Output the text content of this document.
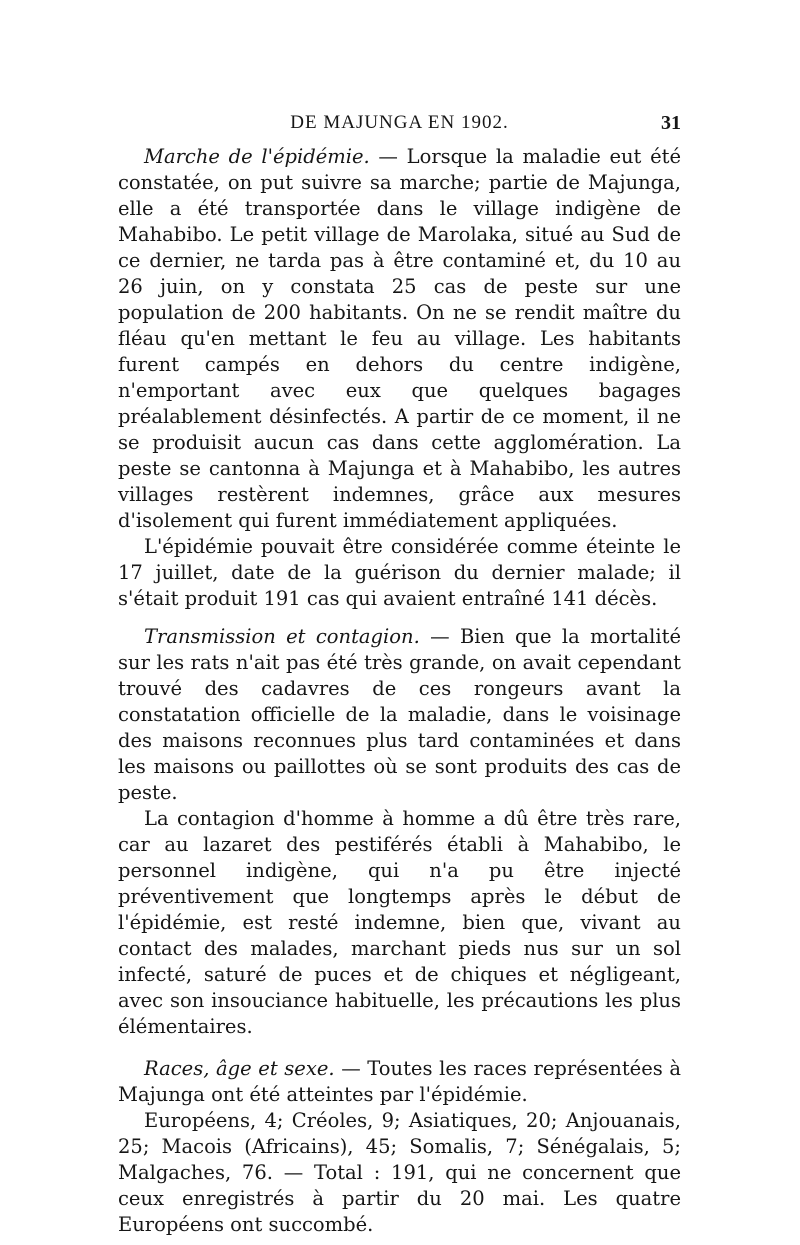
DE MAJUNGA EN 1902.	31

Marche de l'épidémie. — Lorsque la maladie eut été constatée, on put suivre sa marche; partie de Majunga, elle a été transportée dans le village indigène de Mahabibo. Le petit village de Marolaka, situé au Sud de ce dernier, ne tarda pas à être contaminé et, du 10 au 26 juin, on y constata 25 cas de peste sur une population de 200 habitants. On ne se rendit maître du fléau qu'en mettant le feu au village. Les habitants furent campés en dehors du centre indigène, n'emportant avec eux que quelques bagages préalablement désinfectés. A partir de ce moment, il ne se produisit aucun cas dans cette agglomération. La peste se cantonna à Majunga et à Mahabibo, les autres villages restèrent indemnes, grâce aux mesures d'isolement qui furent immédiatement appliquées.

L'épidémie pouvait être considérée comme éteinte le 17 juillet, date de la guérison du dernier malade; il s'était produit 191 cas qui avaient entraîné 141 décès.

Transmission et contagion. — Bien que la mortalité sur les rats n'ait pas été très grande, on avait cependant trouvé des cadavres de ces rongeurs avant la constatation officielle de la maladie, dans le voisinage des maisons reconnues plus tard contaminées et dans les maisons ou paillottes où se sont produits des cas de peste.

La contagion d'homme à homme a dû être très rare, car au lazaret des pestiférés établi à Mahabibo, le personnel indigène, qui n'a pu être injecté préventivement que longtemps après le début de l'épidémie, est resté indemne, bien que, vivant au contact des malades, marchant pieds nus sur un sol infecté, saturé de puces et de chiques et négligeant, avec son insouciance habituelle, les précautions les plus élémentaires.

Races, âge et sexe. — Toutes les races représentées à Majunga ont été atteintes par l'épidémie.

Européens, 4; Créoles, 9; Asiatiques, 20; Anjouanais, 25; Macois (Africains), 45; Somalis, 7; Sénégalais, 5; Malgaches, 76. — Total : 191, qui ne concernent que ceux enregistrés à partir du 20 mai. Les quatre Européens ont succombé.
